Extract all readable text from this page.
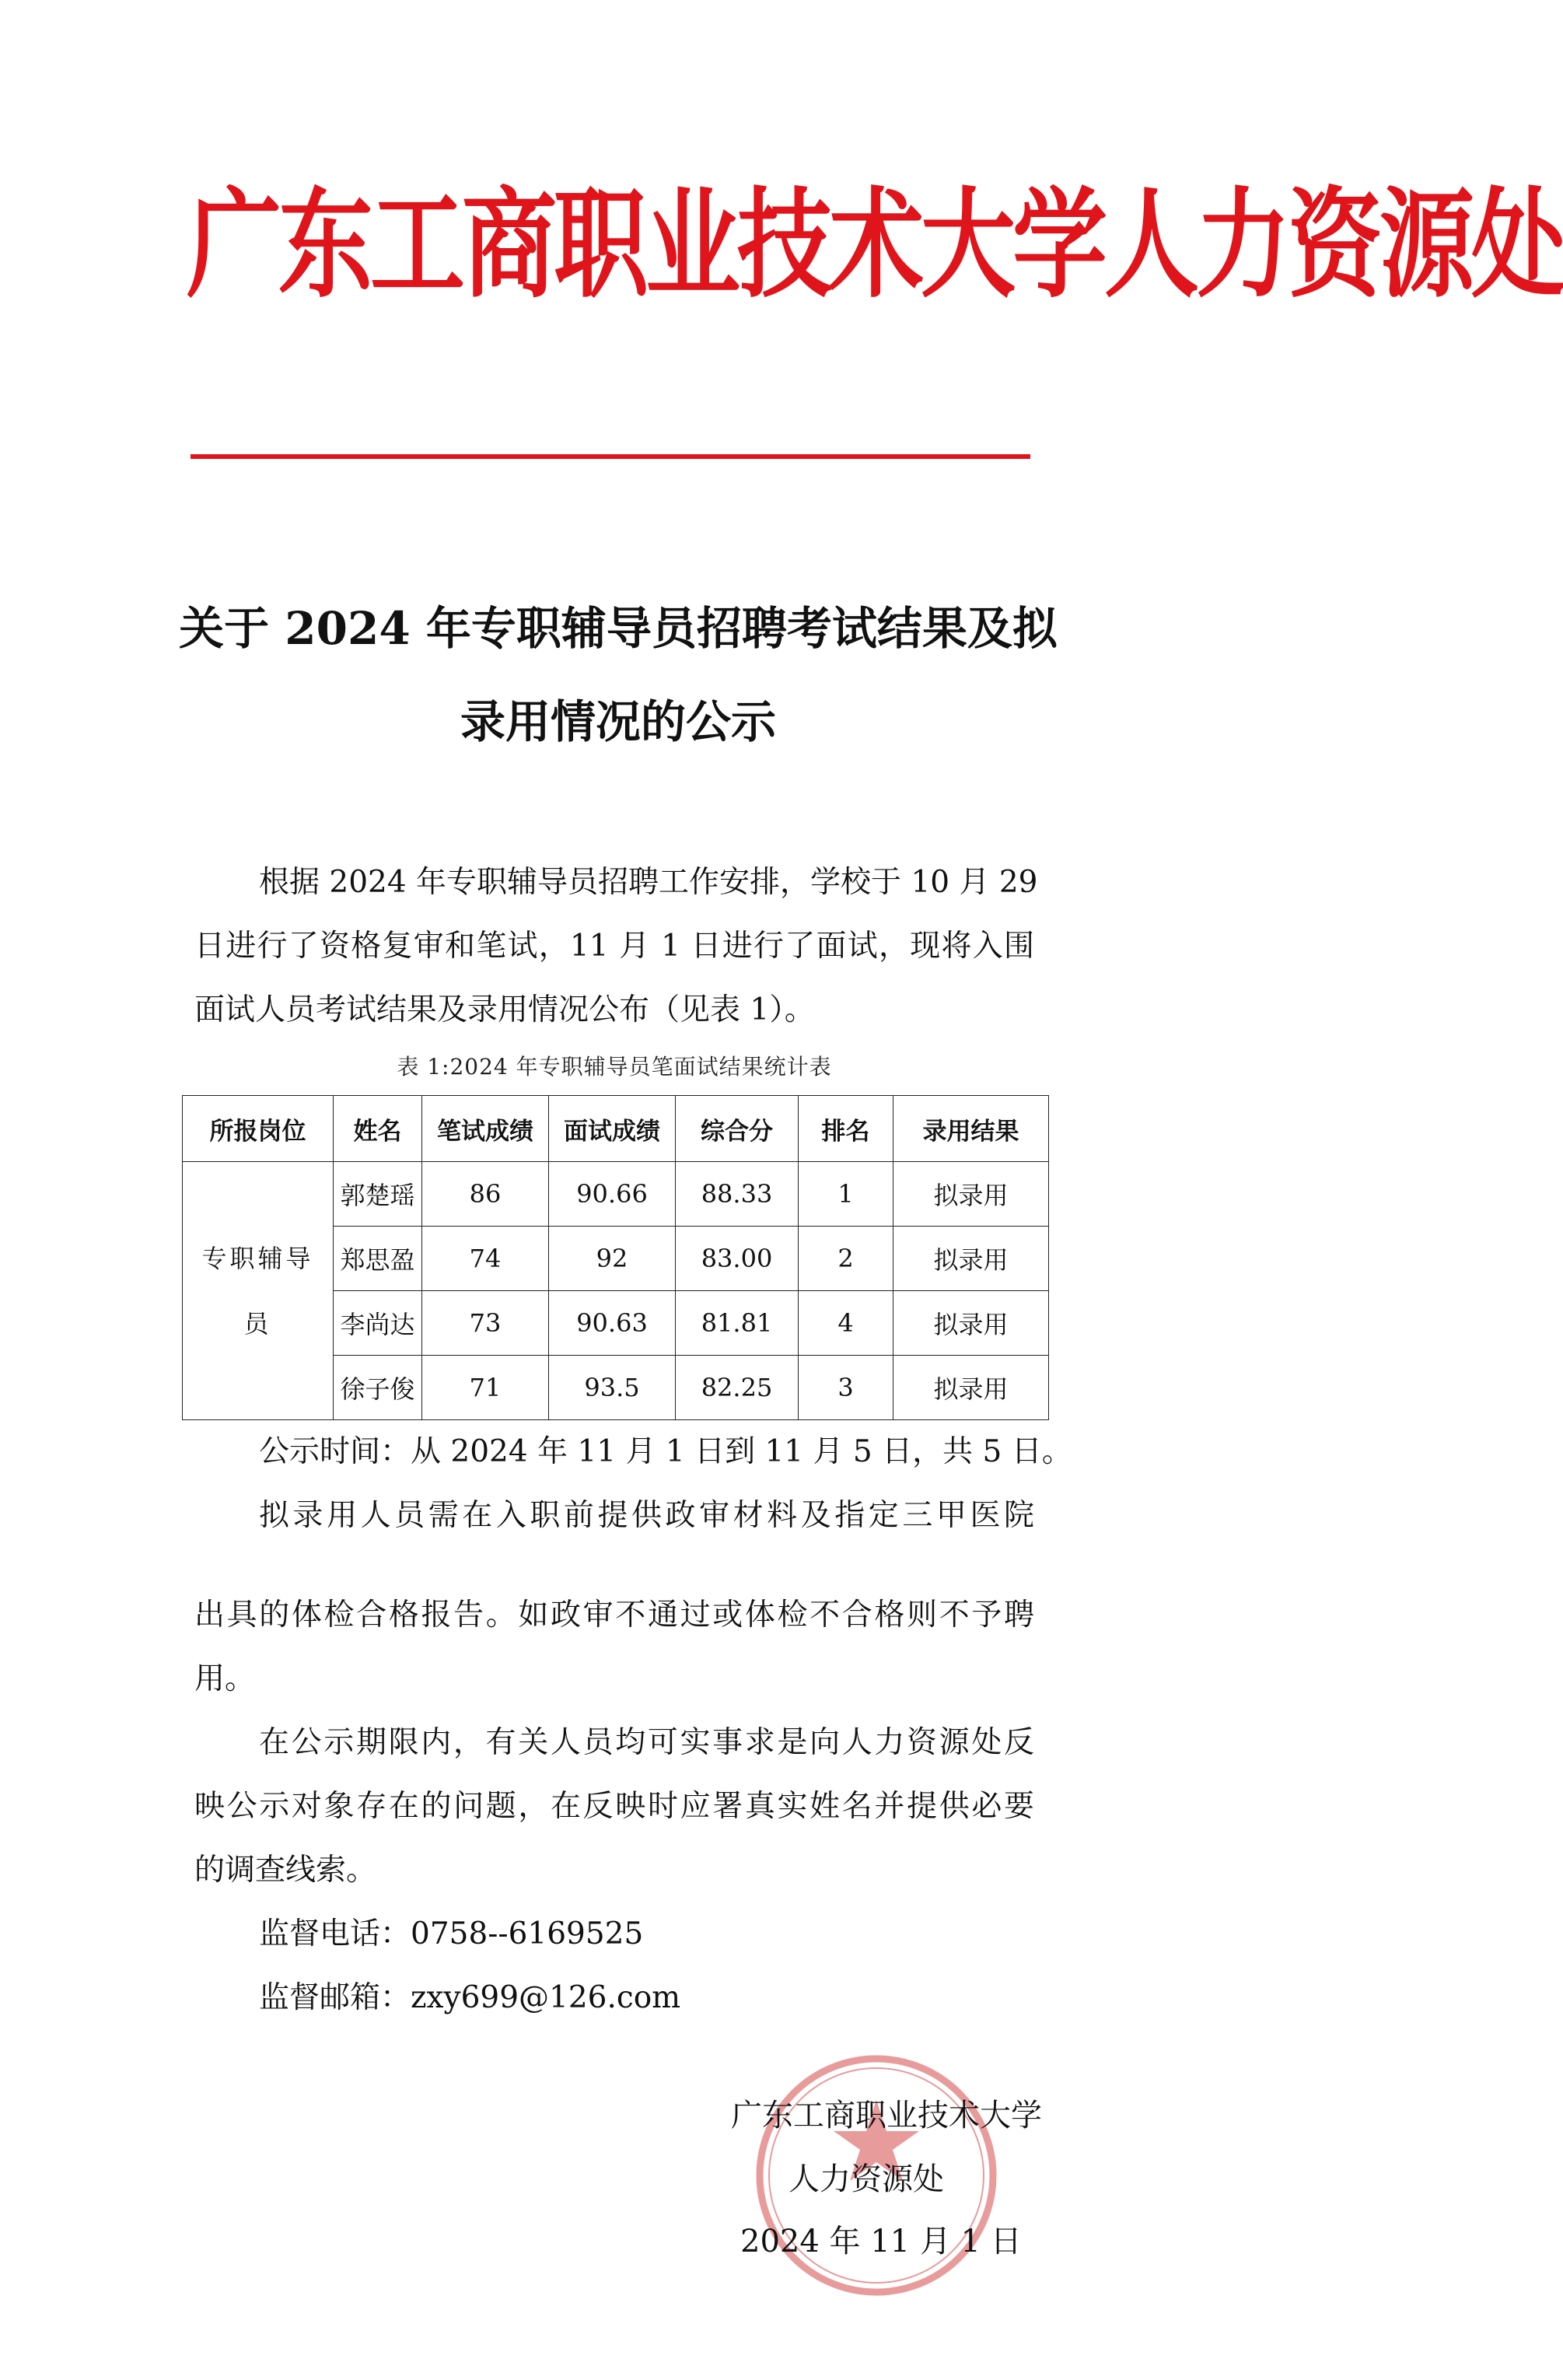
广东工商职业技术大学人力资源处
关于 2024 年专职辅导员招聘考试结果及拟
录用情况的公示
根据 2024 年专职辅导员招聘工作安排，学校于 10 月 29
日进行了资格复审和笔试，11 月 1 日进行了面试，现将入围
面试人员考试结果及录用情况公布（见表 1）。
表 1:2024 年专职辅导员笔面试结果统计表
所报岗位	姓名	笔试成绩	面试成绩	综合分	排名	录用结果

专职辅导
员	郭楚瑶	86	90.66	88.33	1	拟录用
	郑思盈	74	92	83.00	2	拟录用
	李尚达	73	90.63	81.81	4	拟录用
	徐子俊	71	93.5	82.25	3	拟录用
公示时间：从 2024 年 11 月 1 日到 11 月 5 日，共 5 日。
拟录用人员需在入职前提供政审材料及指定三甲医院
出具的体检合格报告。如政审不通过或体检不合格则不予聘
用。
在公示期限内，有关人员均可实事求是向人力资源处反
映公示对象存在的问题，在反映时应署真实姓名并提供必要
的调查线索。
监督电话：0758--6169525
监督邮箱：zxy699@126.com
广东工商职业技术大学
人力资源处
2024 年 11 月 1 日
